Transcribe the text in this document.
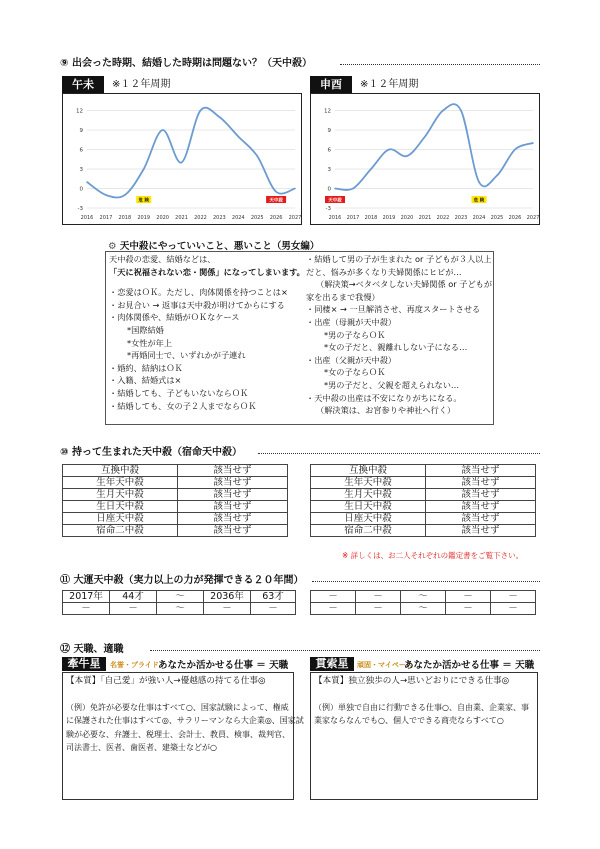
⑨ 出会った時期、結婚した時期は問題ない？（天中殺）
午未	※１２年周期
12
9
6
3
0
-3
2016 2017 2018 2019 2020 2021 2022 2023 2024 2025 2026 2027
危 険	天中殺
申酉	※１２年周期
12
9
6
3
0
-3
2016 2017 2018 2019 2020 2021 2022 2023 2024 2025 2026 2027
天中殺	危 険
⚙ 天中殺にやっていいこと、悪いこと（男女編）
天中殺の恋愛、結婚などは、
「天に祝福されない恋・関係」になってしまいます。
・恋愛はＯＫ。ただし、肉体関係を持つことは×
・お見合い → 返事は天中殺が明けてからにする
・肉体関係や、結婚がＯＫなケース
*国際結婚
*女性が年上
*再婚同士で、いずれかが子連れ
・婚約、結納はＯＫ
・入籍、結婚式は×
・結婚しても、子どもいないならＯＫ
・結婚しても、女の子２人までならＯＫ
・結婚して男の子が生まれた or 子どもが３人以上
だと、悩みが多くなり夫婦関係にヒビが…
（解決策→ベタベタしない夫婦関係 or 子どもが
家を出るまで我慢）
・同棲× → 一旦解消させ、再度スタートさせる
・出産（母親が天中殺）
*男の子ならＯＫ
*女の子だと、親離れしない子になる…
・出産（父親が天中殺）
*女の子ならＯＫ
*男の子だと、父親を超えられない…
・天中殺の出産は不安になりがちになる。
（解決策は、お宮参りや神社へ行く）
⑩ 持って生まれた天中殺（宿命天中殺）
互換中殺	該当せず
生年天中殺	該当せず
生月天中殺	該当せず
生日天中殺	該当せず
日座天中殺	該当せず
宿命二中殺	該当せず
互換中殺	該当せず
生年天中殺	該当せず
生月天中殺	該当せず
生日天中殺	該当せず
日座天中殺	該当せず
宿命二中殺	該当せず
※ 詳しくは、お二人それぞれの鑑定書をご覧下さい。
⑪ 大運天中殺（実力以上の力が発揮できる２０年間）
2017年	44才	〜	2036年	63才
－	－	〜	－	－
－	－	〜	－	－
－	－	〜	－	－
⑫ 天職、適職
牽牛星	名誉・プライド あなたか活かせる仕事 ＝ 天職
【本質】「自己愛」が強い人→優越感の持てる仕事◎
（例）免許が必要な仕事はすべて○、国家試験によって、権威
に保護された仕事はすべて◎、サラリーマンなら大企業◎、国家試
験が必要な、弁護士、税理士、会計士、教員、検事、裁判官、
司法書士、医者、歯医者、建築士などが○
貫索星	頑固・マイペース
あなたか活かせる仕事 ＝ 天職
【本質】独立独歩の人→思いどおりにできる仕事◎
（例）単独で自由に行動できる仕事○、自由業、企業家、事
業家ならなんでも○、個人でできる商売ならすべて○
